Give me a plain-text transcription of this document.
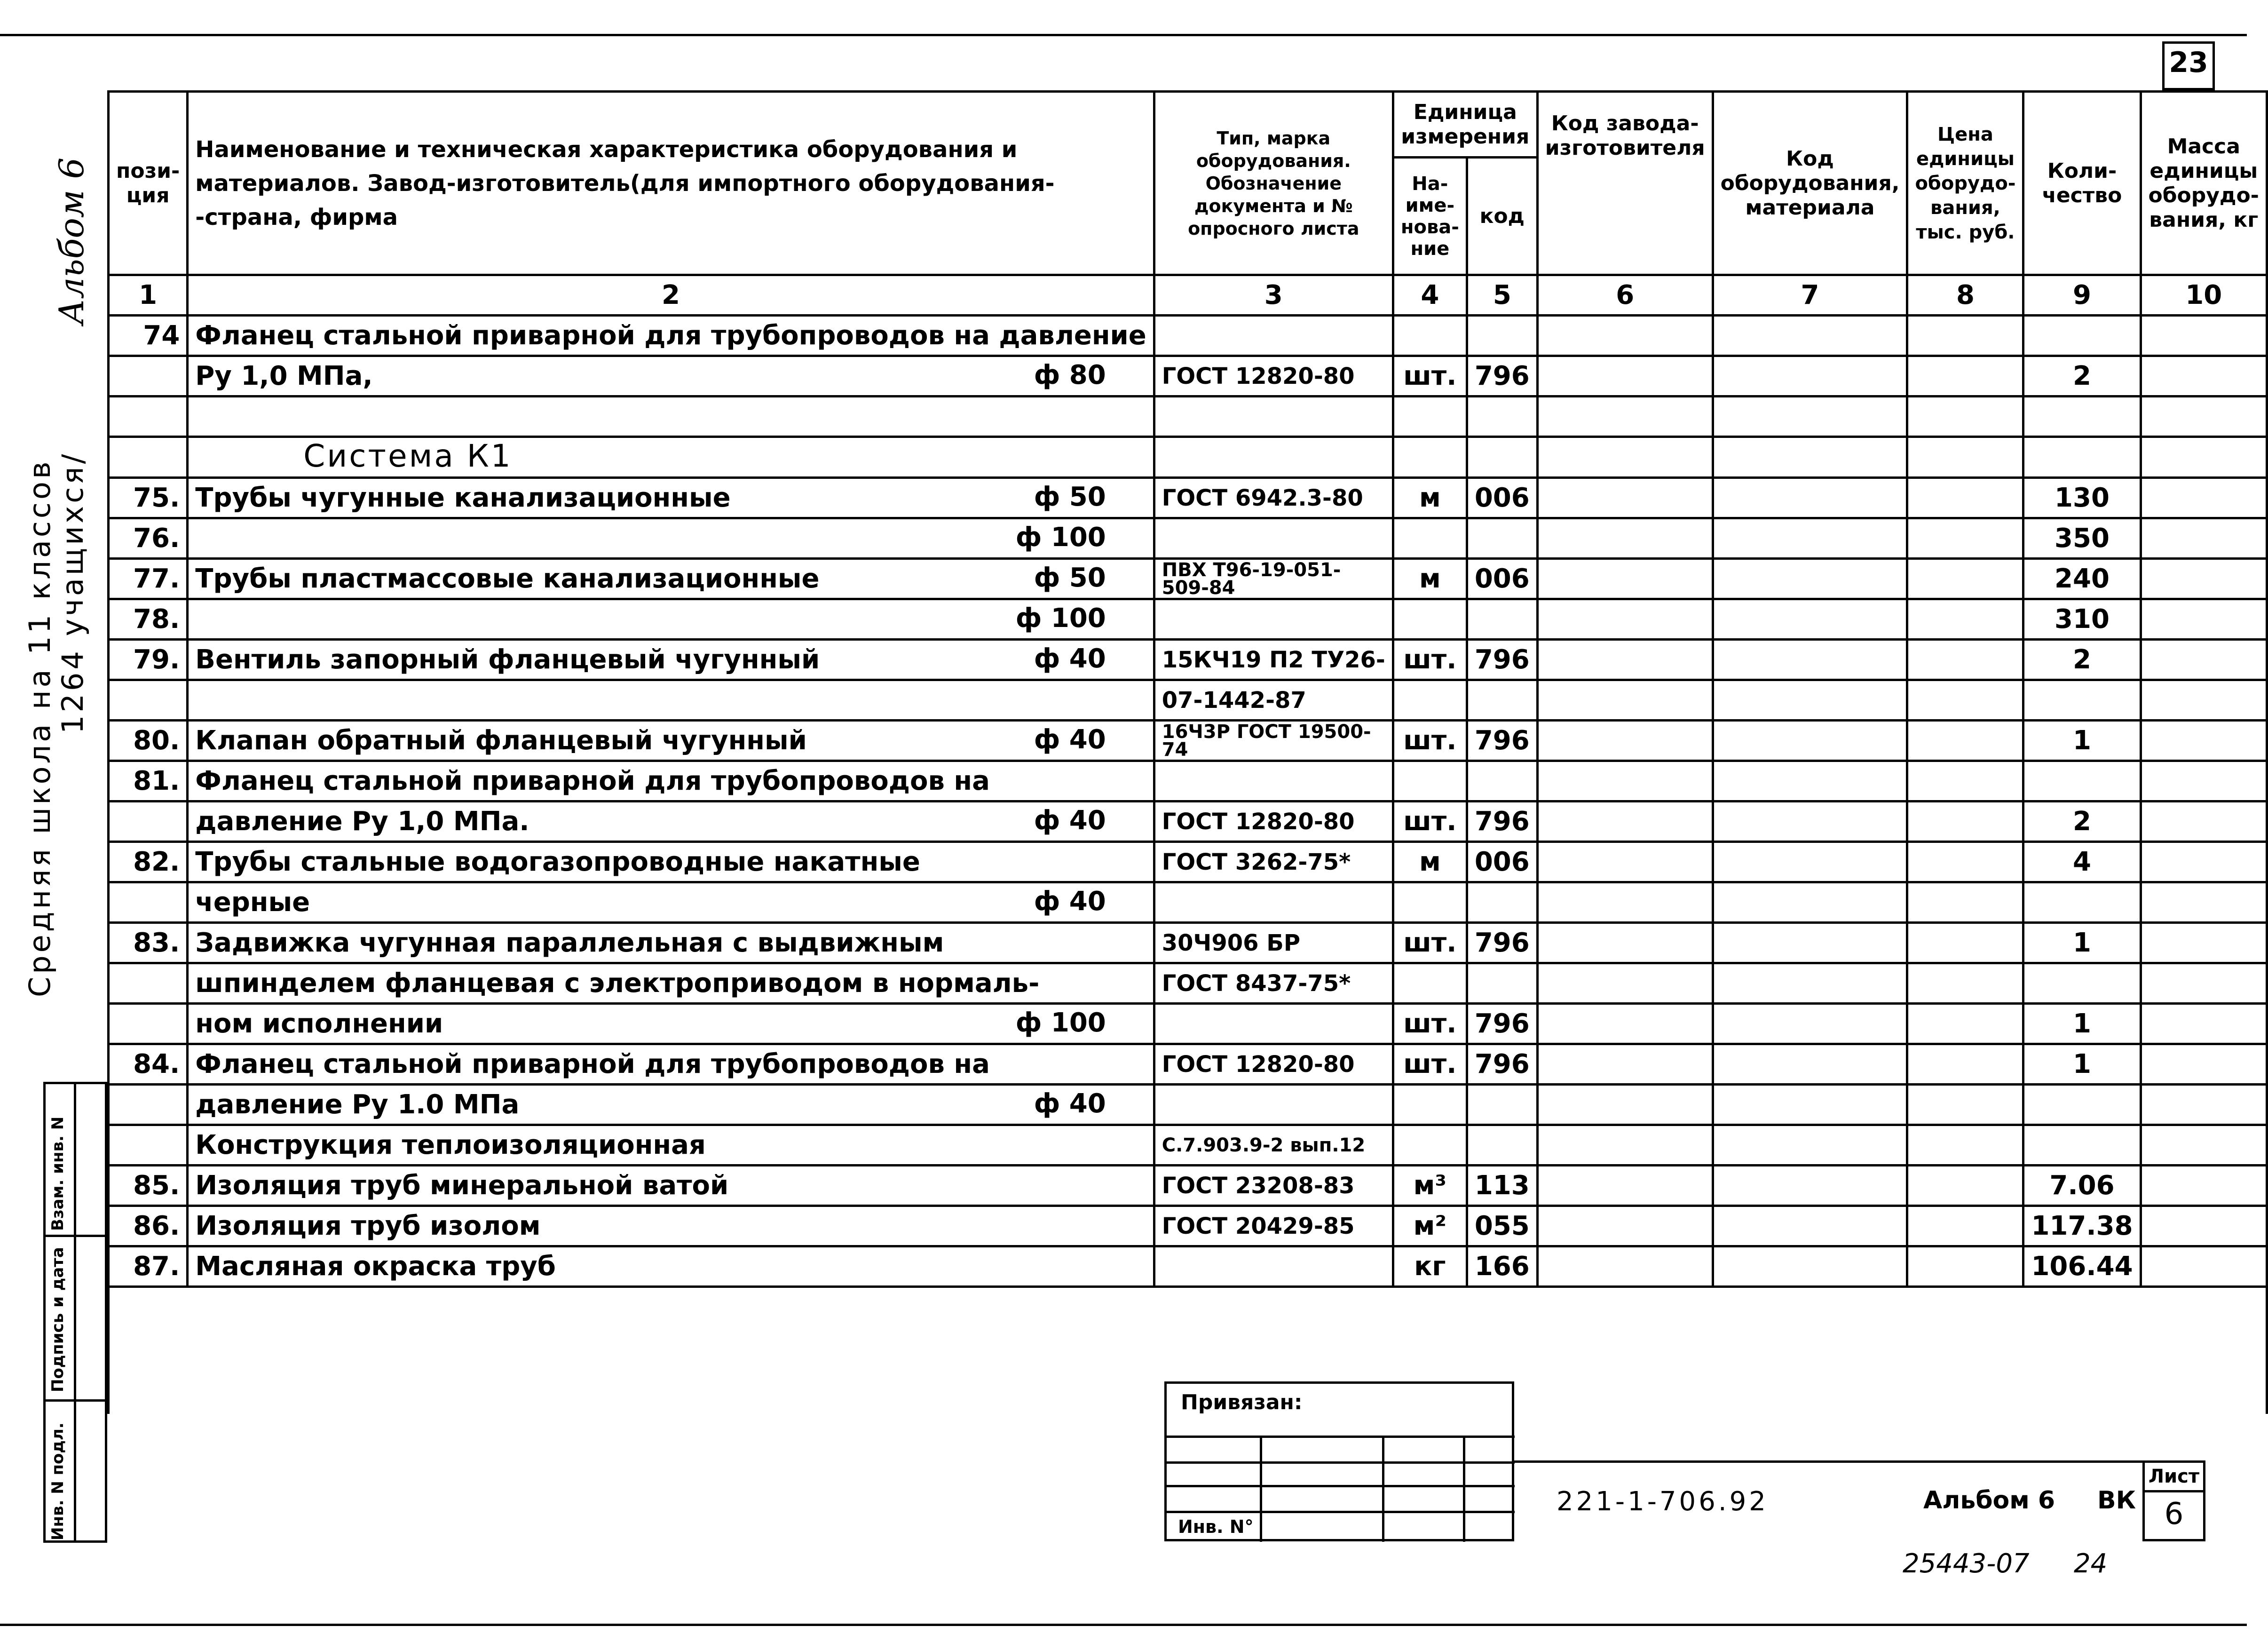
23
Альбом 6
Средняя школа на 11 классов
1264 учащихся/
Инв. N подл.
Подпись и дата
Взам. инв. N
пози-ция	Наименование и техническая характеристика оборудования и материалов. Завод-изготовитель(для импортного оборудования- -страна, фирма	Тип, марка оборудования. Обозначение документа и № опросного листа	Единица измерения		Код завода-изготовителя	Код оборудования, материала	Цена единицы оборудо-вания, тыс. руб.	Коли-чество	Масса единицы оборудо-вания, кг
			На-име-нова-ние	код					
1	2	3	4	5	6	7	8	9	10
74	Фланец стальной приварной для трубопроводов на давление

	Ру 1,0 МПа, ф 80	ГОСТ 12820-80	шт.	796				2	

	Система К1

75.	Трубы чугунные канализационные ф 50	ГОСТ 6942.3-80	м	006				130	
76.	ф 100							350	
77.	Трубы пластмассовые канализационные ф 50	ПВХ Т96-19-051-509-84	м	006				240	
78.	ф 100							310	
79.	Вентиль запорный фланцевый чугунный ф 40	15КЧ19 П2 ТУ26-	шт.	796				2	

	07-1442-87							
80.	Клапан обратный фланцевый чугунный ф 40	16Ч3Р ГОСТ 19500-74	шт.	796				1	
81.	Фланец стальной приварной для трубопроводов на

	давление Ру 1,0 МПа. ф 40	ГОСТ 12820-80	шт.	796				2	
82.	Трубы стальные водогазопроводные накатные	ГОСТ 3262-75*	м	006				4	
	черные ф 40								

83.	Задвижка чугунная параллельная с выдвижным	30Ч906 БР	шт.	796				1	
	шпинделем фланцевая с электроприводом в нормаль-	ГОСТ 8437-75*							
	ном исполнении ф 100		шт.	796				1	
84.	Фланец стальной приварной для трубопроводов на	ГОСТ 12820-80	шт.	796				1	
	давление Ру 1.0 МПа ф 40								

	Конструкция теплоизоляционная	С.7.903.9-2 вып.12							
85.	Изоляция труб минеральной ватой	ГОСТ 23208-83	м³	113				7.06	
86.	Изоляция труб изолом	ГОСТ 20429-85	м²	055				117.38	
87.	Масляная окраска труб		кг	166				106.44	

Привязан:
Инв. N°
221-1-706.92	Альбом 6 ВК
Лист
6
25443-07 24
